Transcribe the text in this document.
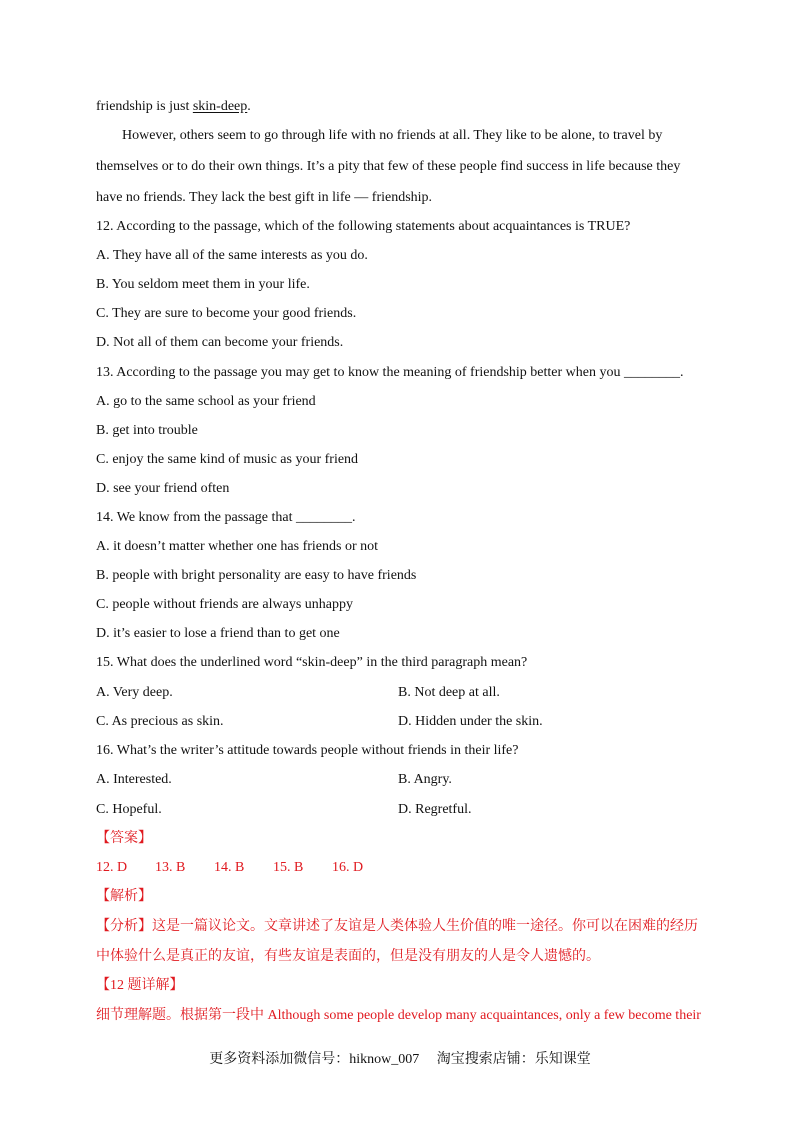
friendship is just skin-deep.
However, others seem to go through life with no friends at all. They like to be alone, to travel by
themselves or to do their own things. It’s a pity that few of these people find success in life because they
have no friends. They lack the best gift in life — friendship.
12. According to the passage, which of the following statements about acquaintances is TRUE?
A. They have all of the same interests as you do.
B. You seldom meet them in your life.
C. They are sure to become your good friends.
D. Not all of them can become your friends.
13. According to the passage you may get to know the meaning of friendship better when you ________.
A. go to the same school as your friend
B. get into trouble
C. enjoy the same kind of music as your friend
D. see your friend often
14. We know from the passage that ________.
A. it doesn’t matter whether one has friends or not
B. people with bright personality are easy to have friends
C. people without friends are always unhappy
D. it’s easier to lose a friend than to get one
15. What does the underlined word “skin-deep” in the third paragraph mean?
A. Very deep.	B. Not deep at all.
C. As precious as skin.	D. Hidden under the skin.
16. What’s the writer’s attitude towards people without friends in their life?
A. Interested.	B. Angry.
C. Hopeful.	D. Regretful.
【答案】
12. D 13. B 14. B 15. B 16. D
【解析】
【分析】这是一篇议论文。文章讲述了友谊是人类体验人生价值的唯一途径。你可以在困难的经历
中体验什么是真正的友谊，有些友谊是表面的，但是没有朋友的人是令人遗憾的。
【12 题详解】
细节理解题。根据第一段中 Although some people develop many acquaintances, only a few become their
更多资料添加微信号：hiknow_007　 淘宝搜索店铺：乐知课堂
